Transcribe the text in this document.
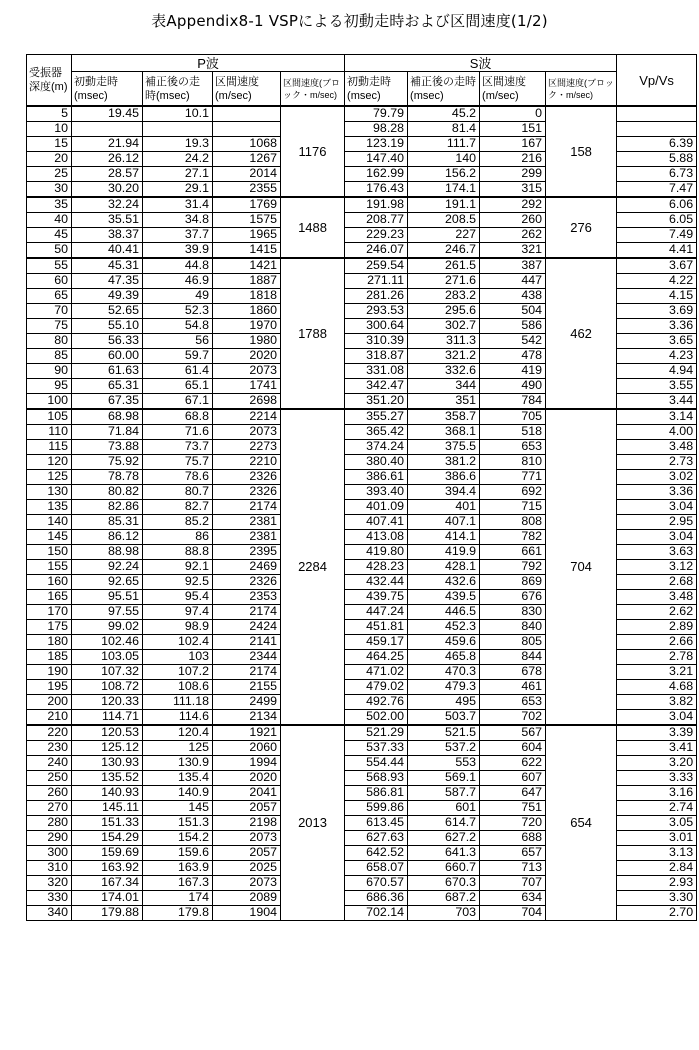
表Appendix8-1 VSPによる初動走時および区間速度(1/2)
受振器深度(m)	P波				S波				Vp/Vs
	初動走時(msec)	補正後の走時(msec)	区間速度(m/sec)	区間速度(ブロック・m/sec)	初動走時(msec)	補正後の走時(msec)	区間速度(m/sec)	区間速度(ブロック・m/sec)	
5	19.45	10.1		1176	79.79	45.2	0	158	
10					98.28	81.4	151		
15	21.94	19.3	1068		123.19	111.7	167		6.39
20	26.12	24.2	1267		147.40	140	216		5.88
25	28.57	27.1	2014		162.99	156.2	299		6.73
30	30.20	29.1	2355		176.43	174.1	315		7.47
35	32.24	31.4	1769	1488	191.98	191.1	292	276	6.06
40	35.51	34.8	1575		208.77	208.5	260		6.05
45	38.37	37.7	1965		229.23	227	262		7.49
50	40.41	39.9	1415		246.07	246.7	321		4.41
55	45.31	44.8	1421	1788	259.54	261.5	387	462	3.67
60	47.35	46.9	1887		271.11	271.6	447		4.22
65	49.39	49	1818		281.26	283.2	438		4.15
70	52.65	52.3	1860		293.53	295.6	504		3.69
75	55.10	54.8	1970		300.64	302.7	586		3.36
80	56.33	56	1980		310.39	311.3	542		3.65
85	60.00	59.7	2020		318.87	321.2	478		4.23
90	61.63	61.4	2073		331.08	332.6	419		4.94
95	65.31	65.1	1741		342.47	344	490		3.55
100	67.35	67.1	2698		351.20	351	784		3.44
105	68.98	68.8	2214	2284	355.27	358.7	705	704	3.14
110	71.84	71.6	2073		365.42	368.1	518		4.00
115	73.88	73.7	2273		374.24	375.5	653		3.48
120	75.92	75.7	2210		380.40	381.2	810		2.73
125	78.78	78.6	2326		386.61	386.6	771		3.02
130	80.82	80.7	2326		393.40	394.4	692		3.36
135	82.86	82.7	2174		401.09	401	715		3.04
140	85.31	85.2	2381		407.41	407.1	808		2.95
145	86.12	86	2381		413.08	414.1	782		3.04
150	88.98	88.8	2395		419.80	419.9	661		3.63
155	92.24	92.1	2469		428.23	428.1	792		3.12
160	92.65	92.5	2326		432.44	432.6	869		2.68
165	95.51	95.4	2353		439.75	439.5	676		3.48
170	97.55	97.4	2174		447.24	446.5	830		2.62
175	99.02	98.9	2424		451.81	452.3	840		2.89
180	102.46	102.4	2141		459.17	459.6	805		2.66
185	103.05	103	2344		464.25	465.8	844		2.78
190	107.32	107.2	2174		471.02	470.3	678		3.21
195	108.72	108.6	2155		479.02	479.3	461		4.68
200	120.33	111.18	2499		492.76	495	653		3.82
210	114.71	114.6	2134		502.00	503.7	702		3.04
220	120.53	120.4	1921	2013	521.29	521.5	567	654	3.39
230	125.12	125	2060		537.33	537.2	604		3.41
240	130.93	130.9	1994		554.44	553	622		3.20
250	135.52	135.4	2020		568.93	569.1	607		3.33
260	140.93	140.9	2041		586.81	587.7	647		3.16
270	145.11	145	2057		599.86	601	751		2.74
280	151.33	151.3	2198		613.45	614.7	720		3.05
290	154.29	154.2	2073		627.63	627.2	688		3.01
300	159.69	159.6	2057		642.52	641.3	657		3.13
310	163.92	163.9	2025		658.07	660.7	713		2.84
320	167.34	167.3	2073		670.57	670.3	707		2.93
330	174.01	174	2089		686.36	687.2	634		3.30
340	179.88	179.8	1904		702.14	703	704		2.70
